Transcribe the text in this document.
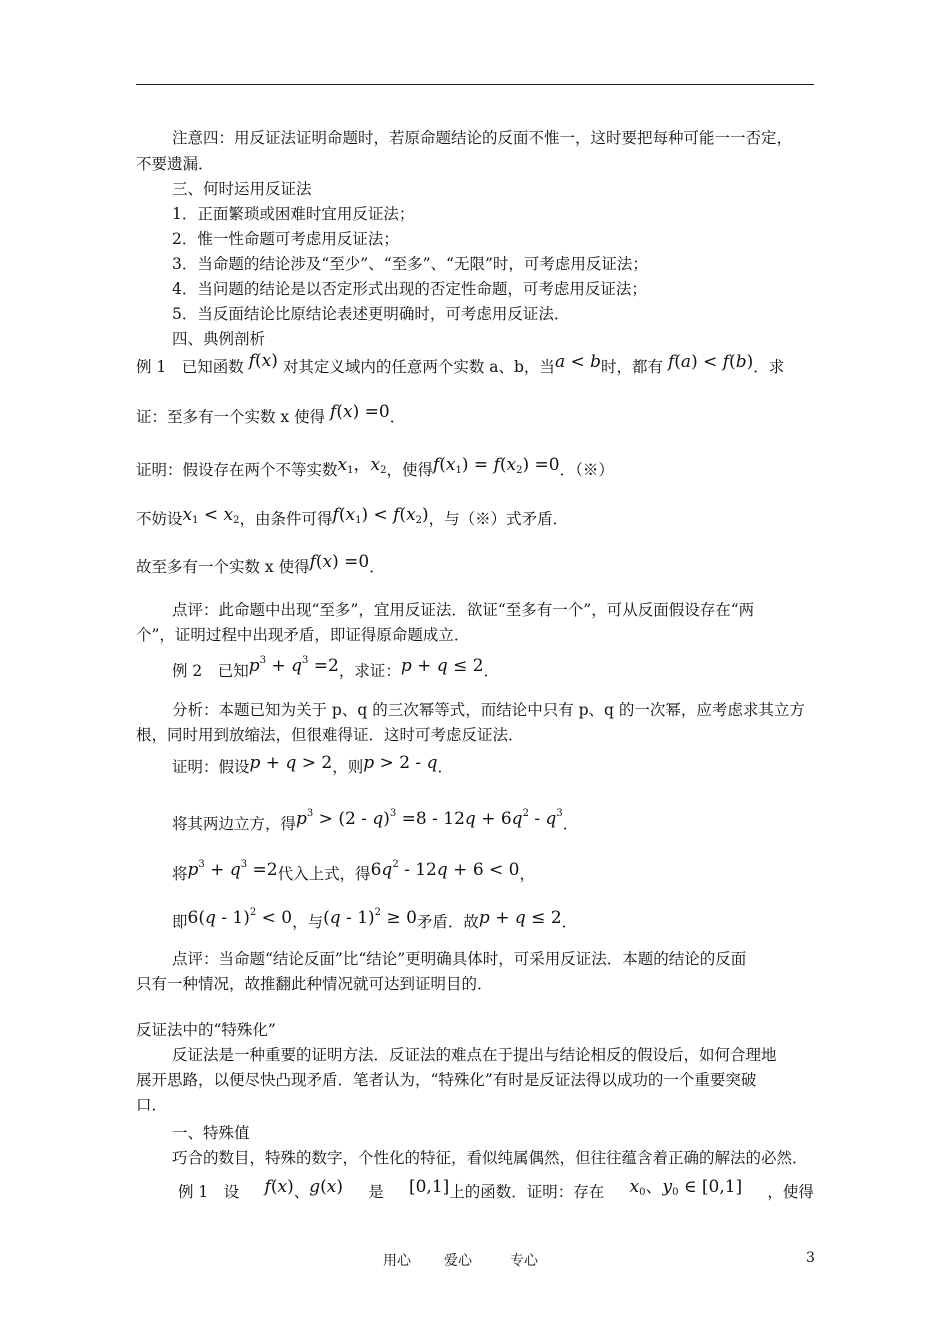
注意四：用反证法证明命题时，若原命题结论的反面不惟一，这时要把每种可能一一否定，
不要遗漏．
三、何时运用反证法
1．正面繁琐或困难时宜用反证法；
2．惟一性命题可考虑用反证法；
3．当命题的结论涉及“至少”、“至多”、“无限”时，可考虑用反证法；
4．当问题的结论是以否定形式出现的否定性命题，可考虑用反证法；
5．当反面结论比原结论表述更明确时，可考虑用反证法．
四、典例剖析
例 1　已知函数 f(x) 对其定义域内的任意两个实数 a、b，当a < b时，都有 f(a) < f(b)．求
证：至多有一个实数 x 使得 f(x) =0．
证明：假设存在两个不等实数$x_1$，$x_2$，使得$f(x_1) = f(x_2) =0$．（※）
不妨设$x_1 < x_2$，由条件可得$f(x_1) < f(x_2)$，与（※）式矛盾．
故至多有一个实数 x 使得f(x) =0．
点评：此命题中出现“至多”，宜用反证法．欲证“至多有一个”，可从反面假设存在“两
个”，证明过程中出现矛盾，即证得原命题成立．
例 2　已知$p^3 + q^3 =2$，求证：p + q ≤ 2．
分析：本题已知为关于 p、q 的三次幂等式，而结论中只有 p、q 的一次幂，应考虑求其立方
根，同时用到放缩法，但很难得证．这时可考虑反证法．
证明：假设p + q > 2，则p > 2 - q．
将其两边立方，得$p^3 > (2 - q)^3 =8 - 12q + 6q^2 - q^3$．
将$p^3 + q^3 =2$代入上式，得$6q^2 - 12q + 6 < 0$，
即6(q - 1)$^2$ < 0，与(q - 1)$^2$ ≥ 0矛盾．故p + q ≤ 2．
点评：当命题“结论反面”比“结论”更明确具体时，可采用反证法．本题的结论的反面
只有一种情况，故推翻此种情况就可达到证明目的．
反证法中的“特殊化”
反证法是一种重要的证明方法．反证法的难点在于提出与结论相反的假设后，如何合理地
展开思路，以便尽快凸现矛盾．笔者认为，“特殊化”有时是反证法得以成功的一个重要突破
口．
一、特殊值
巧合的数目，特殊的数字，个性化的特征，看似纯属偶然，但往往蕴含着正确的解法的必然．
例 1　设 f(x)、g(x) 是 [0,1]上的函数．证明：存在 $x_0$、$y_0$ ∈ [0,1] ，使得
用心 爱心	专心	3
